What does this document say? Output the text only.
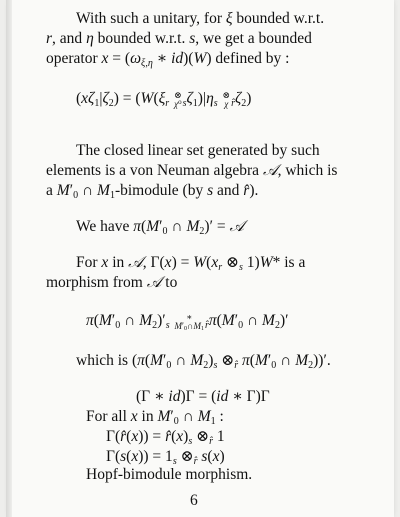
With such a unitary, for ξ bounded w.r.t.
r, and η bounded w.r.t. s, we get a bounded
operator $x = (\omega_{\xi,\eta}$ ∗ id)(W) defined by :
$(x\zeta_1|\zeta_2) = (W(\xi_r$
⊗
$\chi^o$ $_s\zeta_1)|\eta_s$
⊗
χ $_{r̂}\zeta_2$)
The closed linear set generated by such
elements is a von Neuman algebra 𝒜, which is
a $M'_0$ ∩ $M_1$-bimodule (by s and r̂).
We have $\pi(M'_0$ ∩ $M_2)'$ = 𝒜
For x in 𝒜, $\Gamma(x) = W(x_r$ $\otimes_s$ 1)W* is a
morphism from 𝒜 to
$\pi(M'_0$ ∩ $M_2)'_s$
∗
$M'_0\cap M_1$ $_{r̂}\pi(M'_0$ ∩ $M_2)'$
which is ($\pi(M'_0$ ∩ $M_2)_s$ $\otimes_{r̂}$ $\pi(M'_0$ ∩ $M_2))'$.
(Γ ∗ id)Γ = (id ∗ Γ)Γ
For all x in $M'_0$ ∩ $M_1$ :
Γ(r̂(x)) = $r̂(x)_s$ $\otimes_{r̂}$ 1
$\Gamma(s(x)) = 1_s$ $\otimes_{r̂}$ s(x)
Hopf-bimodule morphism.
6
